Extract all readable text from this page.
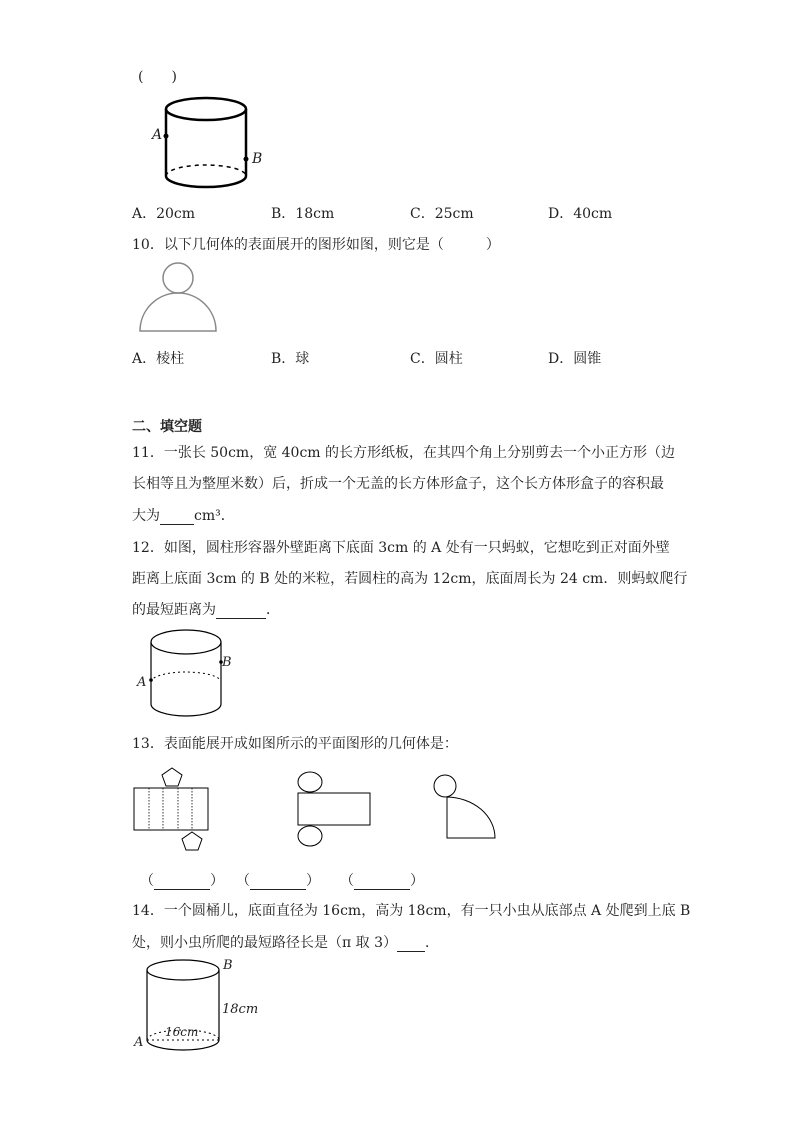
(　　)
A
B
A．20cm	B．18cm	C．25cm	D．40cm
10．以下几何体的表面展开的图形如图，则它是（　　　）
A．棱柱	B．球	C．圆柱	D．圆锥
二、填空题
11．一张长 50cm，宽 40cm 的长方形纸板，在其四个角上分别剪去一个小正方形（边
长相等且为整厘米数）后，折成一个无盖的长方体形盒子，这个长方体形盒子的容积最
大为 cm³．
12．如图，圆柱形容器外壁距离下底面 3cm 的 A 处有一只蚂蚁，它想吃到正对面外壁
距离上底面 3cm 的 B 处的米粒，若圆柱的高为 12cm，底面周长为 24 cm．则蚂蚁爬行
的最短距离为	．
A
B
13．表面能展开成如图所示的平面图形的几何体是：
（	） （	） （	）
14．一个圆桶儿，底面直径为 16cm，高为 18cm，有一只小虫从底部点 A 处爬到上底 B
处，则小虫所爬的最短路径长是（π 取 3） ．
A
B
18cm
16cm
